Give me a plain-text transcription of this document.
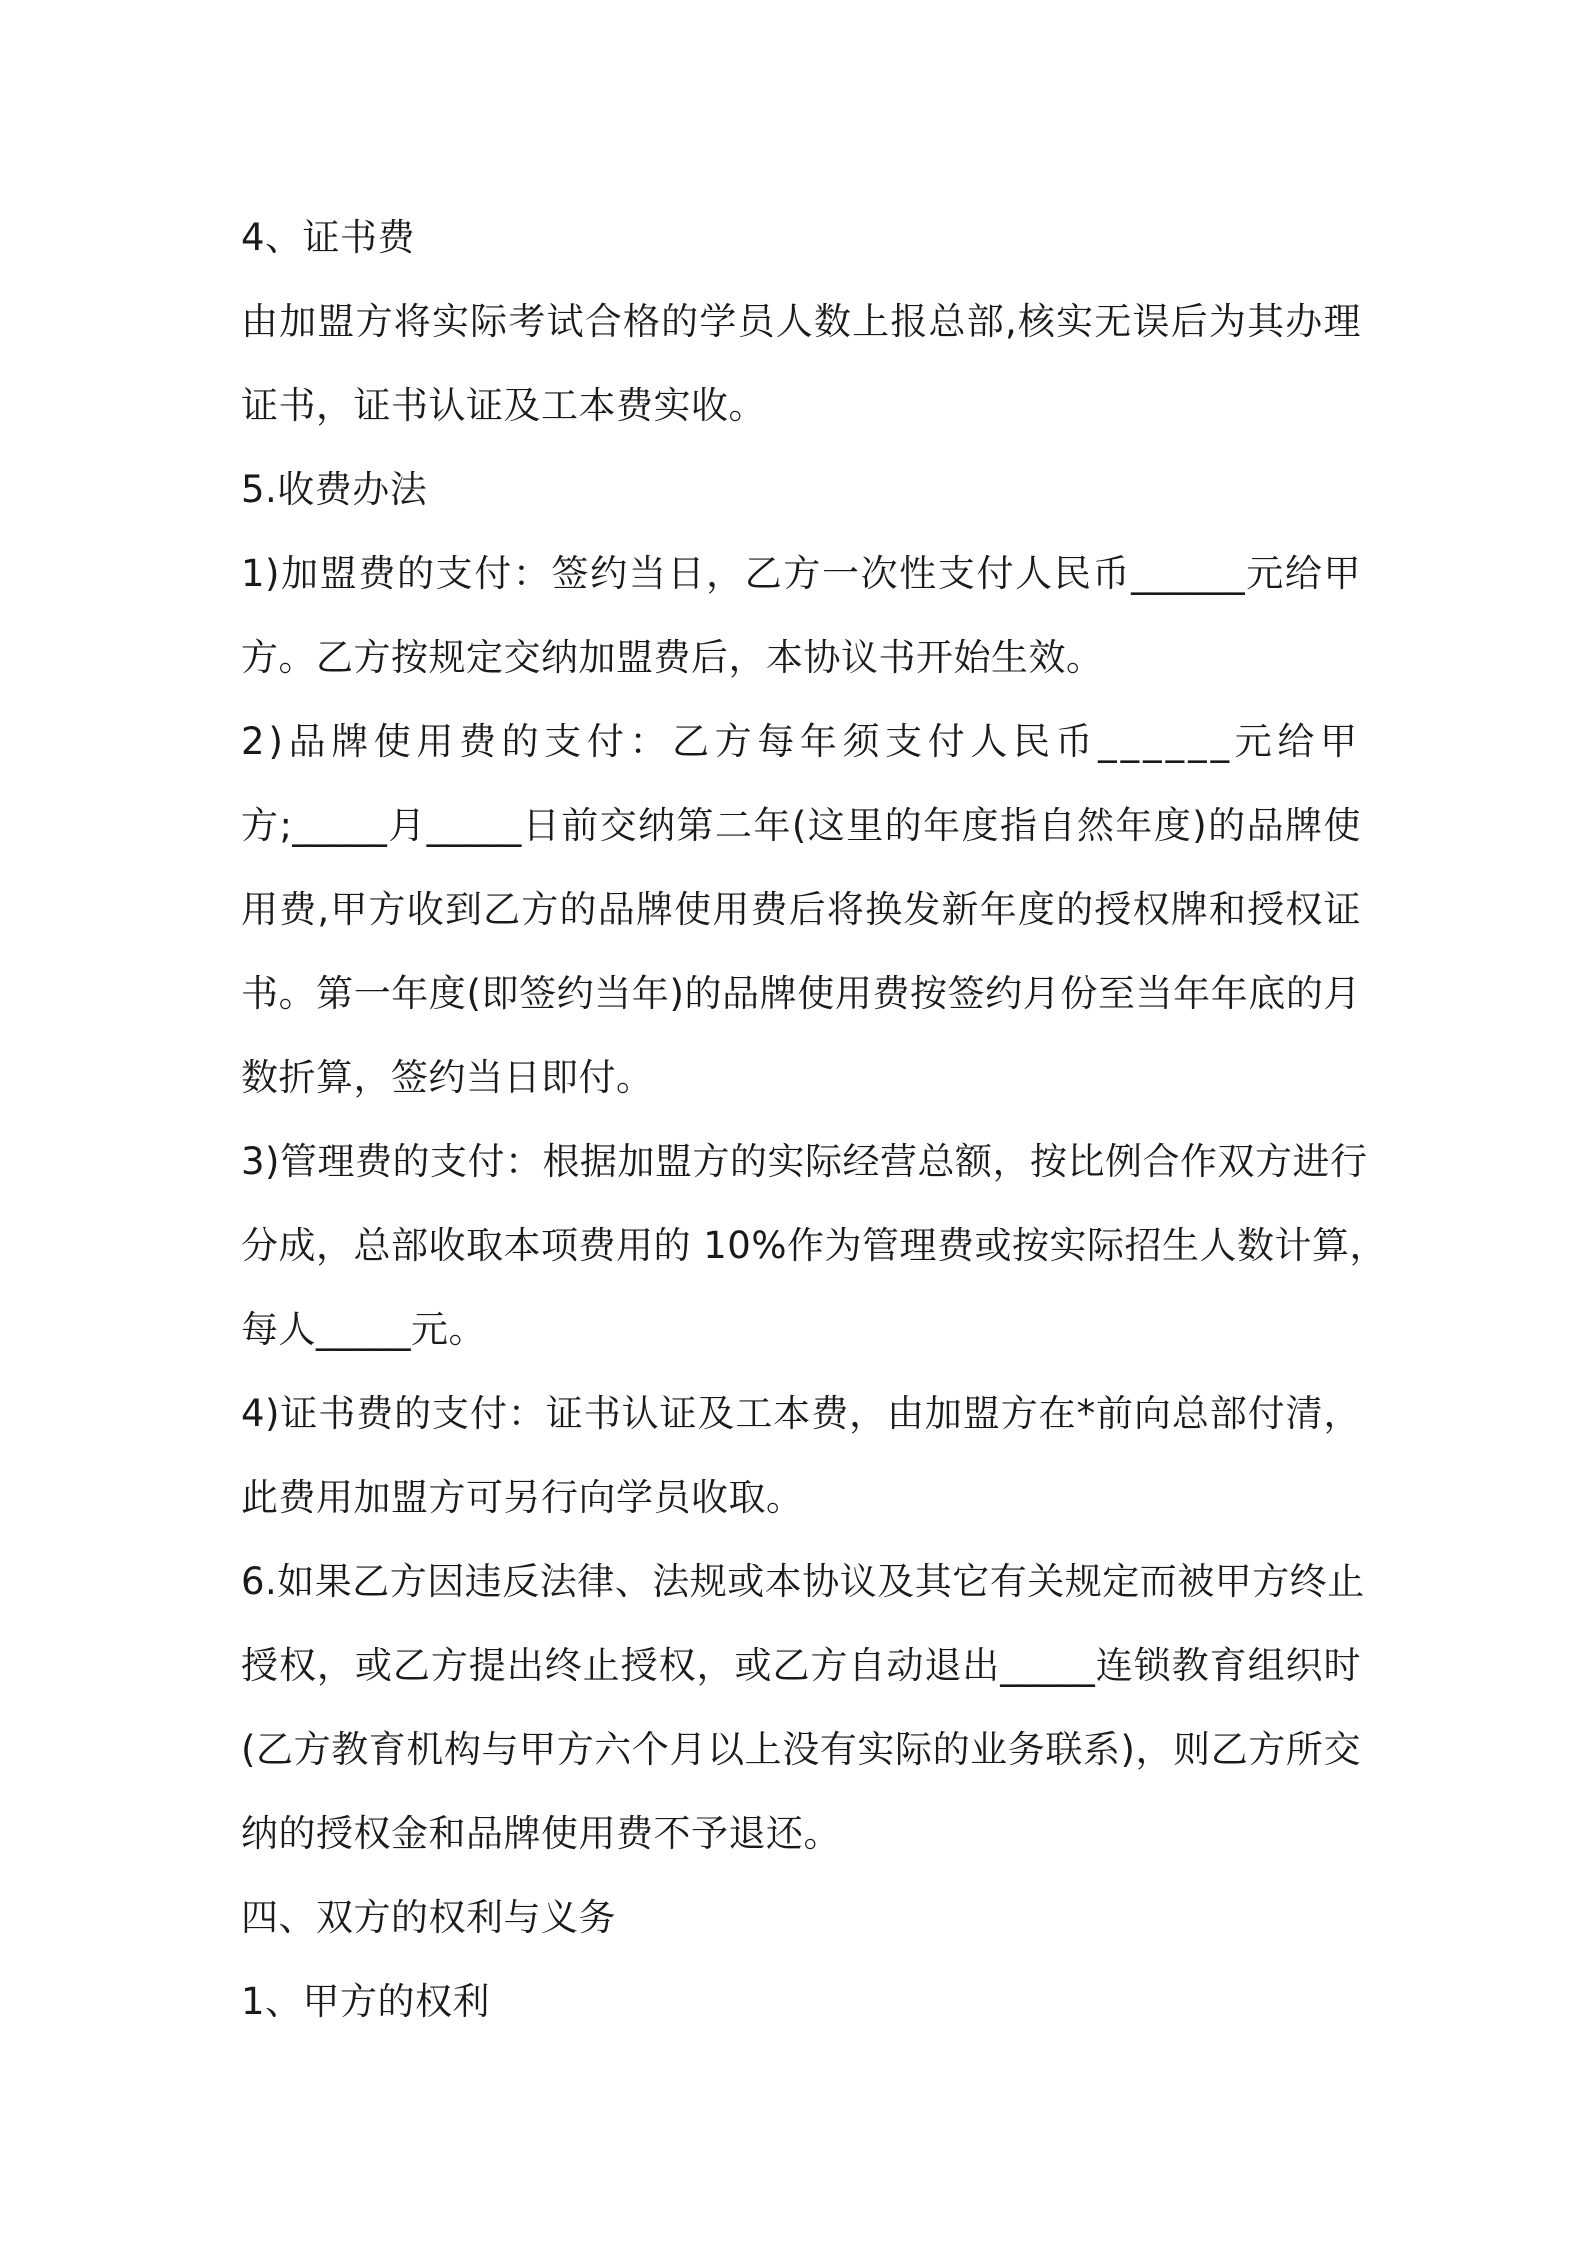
4、证书费
由加盟方将实际考试合格的学员人数上报总部,核实无误后为其办理
证书，证书认证及工本费实收。
5.收费办法
1)加盟费的支付：签约当日，乙方一次性支付人民币______元给甲
方。乙方按规定交纳加盟费后，本协议书开始生效。
2)品牌使用费的支付：乙方每年须支付人民币______元给甲
方;_____月_____日前交纳第二年(这里的年度指自然年度)的品牌使
用费,甲方收到乙方的品牌使用费后将换发新年度的授权牌和授权证
书。第一年度(即签约当年)的品牌使用费按签约月份至当年年底的月
数折算，签约当日即付。
3)管理费的支付：根据加盟方的实际经营总额，按比例合作双方进行
分成，总部收取本项费用的 10%作为管理费或按实际招生人数计算，
每人_____元。
4)证书费的支付：证书认证及工本费，由加盟方在*前向总部付清，
此费用加盟方可另行向学员收取。
6.如果乙方因违反法律、法规或本协议及其它有关规定而被甲方终止
授权，或乙方提出终止授权，或乙方自动退出_____连锁教育组织时
(乙方教育机构与甲方六个月以上没有实际的业务联系)，则乙方所交
纳的授权金和品牌使用费不予退还。
四、双方的权利与义务
1、甲方的权利
